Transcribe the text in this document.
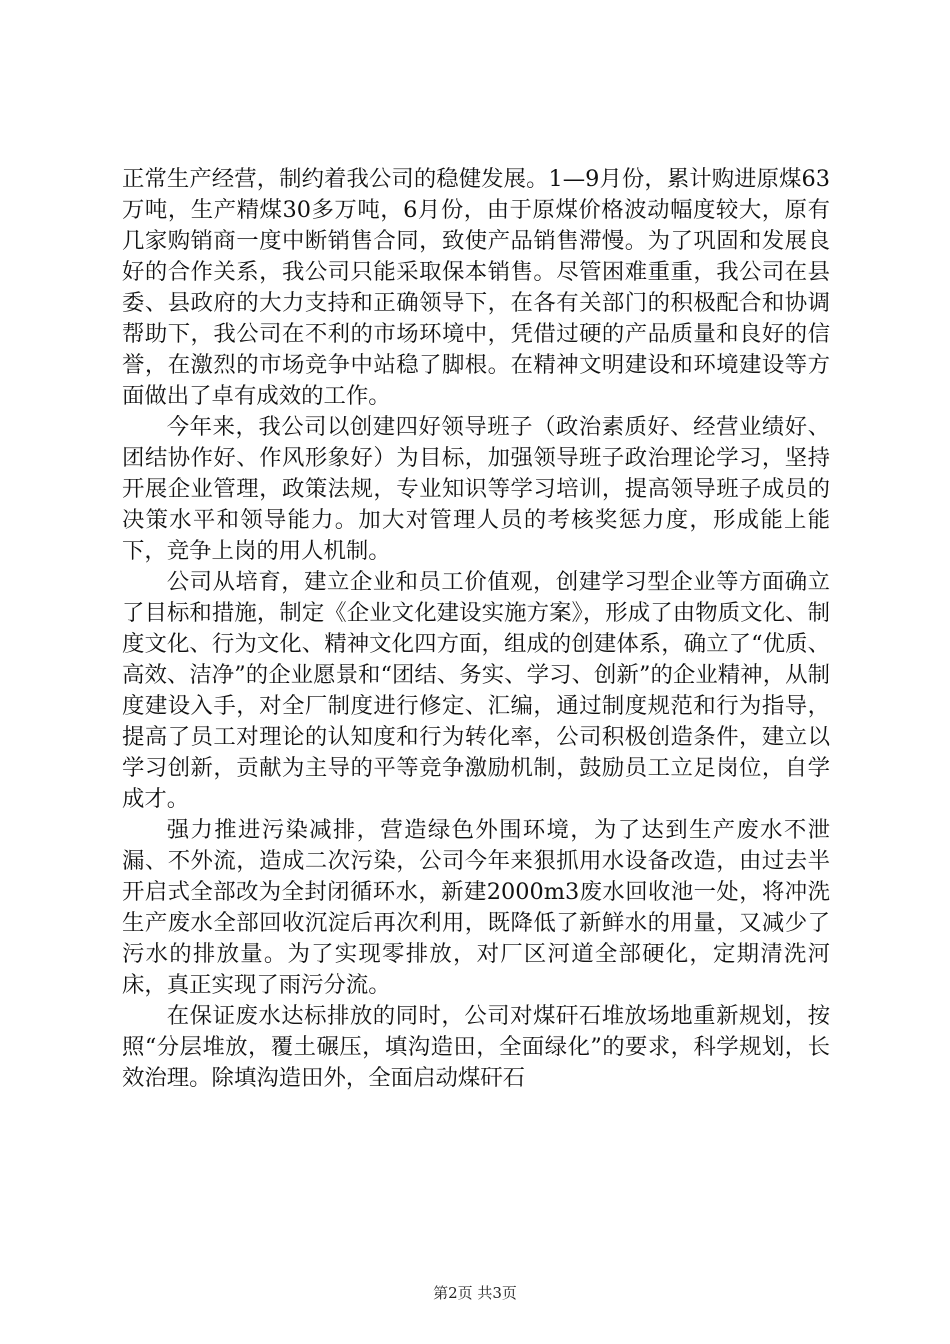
正常生产经营，制约着我公司的稳健发展。1—9月份，累计购进原煤63万吨，生产精煤30多万吨，6月份，由于原煤价格波动幅度较大，原有几家购销商一度中断销售合同，致使产品销售滞慢。为了巩固和发展良好的合作关系，我公司只能采取保本销售。尽管困难重重，我公司在县委、县政府的大力支持和正确领导下，在各有关部门的积极配合和协调帮助下，我公司在不利的市场环境中，凭借过硬的产品质量和良好的信誉，在激烈的市场竞争中站稳了脚根。在精神文明建设和环境建设等方面做出了卓有成效的工作。

今年来，我公司以创建四好领导班子（政治素质好、经营业绩好、团结协作好、作风形象好）为目标，加强领导班子政治理论学习，坚持开展企业管理，政策法规，专业知识等学习培训，提高领导班子成员的决策水平和领导能力。加大对管理人员的考核奖惩力度，形成能上能下，竞争上岗的用人机制。

公司从培育，建立企业和员工价值观，创建学习型企业等方面确立了目标和措施，制定《企业文化建设实施方案》，形成了由物质文化、制度文化、行为文化、精神文化四方面，组成的创建体系，确立了“优质、高效、洁净”的企业愿景和“团结、务实、学习、创新”的企业精神，从制度建设入手，对全厂制度进行修定、汇编，通过制度规范和行为指导，提高了员工对理论的认知度和行为转化率，公司积极创造条件，建立以学习创新，贡献为主导的平等竞争激励机制，鼓励员工立足岗位，自学成才。

强力推进污染减排，营造绿色外围环境，为了达到生产废水不泄漏、不外流，造成二次污染，公司今年来狠抓用水设备改造，由过去半开启式全部改为全封闭循环水，新建2000m3废水回收池一处，将冲洗生产废水全部回收沉淀后再次利用，既降低了新鲜水的用量，又减少了污水的排放量。为了实现零排放，对厂区河道全部硬化，定期清洗河床，真正实现了雨污分流。

在保证废水达标排放的同时，公司对煤矸石堆放场地重新规划，按照“分层堆放，覆土碾压，填沟造田，全面绿化”的要求，科学规划，长效治理。除填沟造田外，全面启动煤矸石

第2页 共3页
